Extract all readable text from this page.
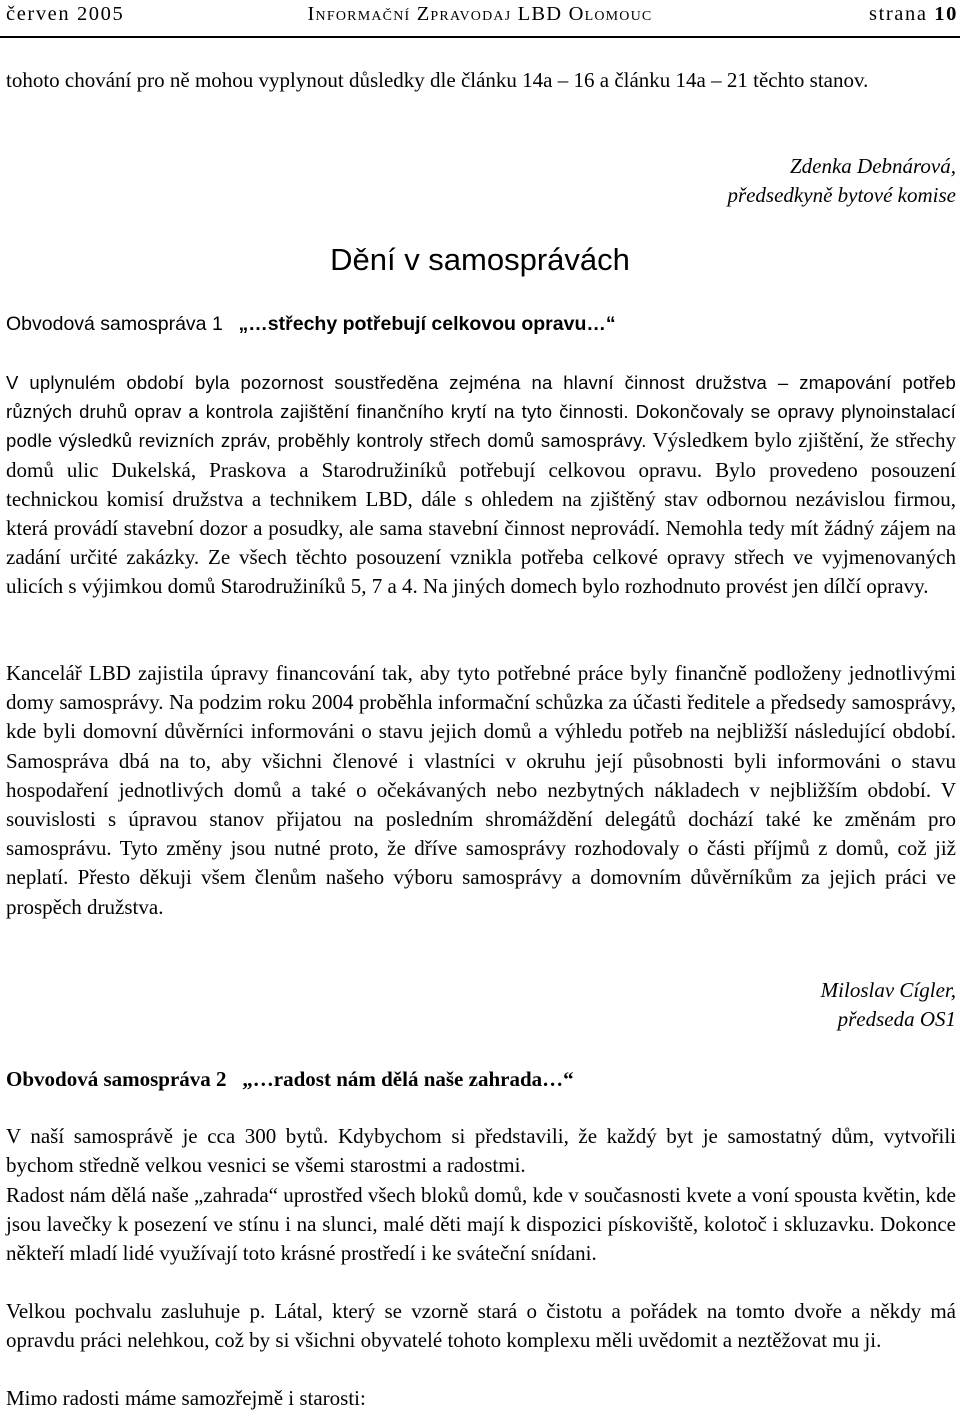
červen 2005	Informační Zpravodaj LBD Olomouc	strana 10
tohoto chování pro ně mohou vyplynout důsledky dle článku 14a – 16 a článku 14a – 21 těchto stanov.
Zdenka Debnárová,
předsedkyně bytové komise
Dění v samosprávách
Obvodová samospráva 1 „…střechy potřebují celkovou opravu…“
V uplynulém období byla pozornost soustředěna zejména na hlavní činnost družstva – zmapování potřeb různých druhů oprav a kontrola zajištění finančního krytí na tyto činnosti. Dokončovaly se opravy plynoinstalací podle výsledků revizních zpráv, proběhly kontroly střech domů samosprávy. Výsledkem bylo zjištění, že střechy domů ulic Dukelská, Praskova a Starodružiníků potřebují celkovou opravu. Bylo provedeno posouzení technickou komisí družstva a technikem LBD, dále s ohledem na zjištěný stav odbornou nezávislou firmou, která provádí stavební dozor a posudky, ale sama stavební činnost neprovádí. Nemohla tedy mít žádný zájem na zadání určité zakázky. Ze všech těchto posouzení vznikla potřeba celkové opravy střech ve vyjmenovaných ulicích s výjimkou domů Starodružiníků 5, 7 a 4. Na jiných domech bylo rozhodnuto provést jen dílčí opravy.
Kancelář LBD zajistila úpravy financování tak, aby tyto potřebné práce byly finančně podloženy jednotlivými domy samosprávy. Na podzim roku 2004 proběhla informační schůzka za účasti ředitele a předsedy samosprávy, kde byli domovní důvěrníci informováni o stavu jejich domů a výhledu potřeb na nejbližší následující období. Samospráva dbá na to, aby všichni členové i vlastníci v okruhu její působnosti byli informováni o stavu hospodaření jednotlivých domů a také o očekávaných nebo nezbytných nákladech v nejbližším období. V souvislosti s úpravou stanov přijatou na posledním shromáždění delegátů dochází také ke změnám pro samosprávu. Tyto změny jsou nutné proto, že dříve samosprávy rozhodovaly o části příjmů z domů, což již neplatí. Přesto děkuji všem členům našeho výboru samosprávy a domovním důvěrníkům za jejich práci ve prospěch družstva.
Miloslav Cígler,
předseda OS1
Obvodová samospráva 2 „…radost nám dělá naše zahrada…“
V naší samosprávě je cca 300 bytů. Kdybychom si představili, že každý byt je samostatný dům, vytvořili bychom středně velkou vesnici se všemi starostmi a radostmi.
Radost nám dělá naše „zahrada“ uprostřed všech bloků domů, kde v současnosti kvete a voní spousta květin, kde jsou lavečky k posezení ve stínu i na slunci, malé děti mají k dispozici pískoviště, kolotoč i skluzavku. Dokonce někteří mladí lidé využívají toto krásné prostředí i ke sváteční snídani.
Velkou pochvalu zasluhuje p. Látal, který se vzorně stará o čistotu a pořádek na tomto dvoře a někdy má opravdu práci nelehkou, což by si všichni obyvatelé tohoto komplexu měli uvědomit a neztěžovat mu ji.
Mimo radosti máme samozřejmě i starosti:
